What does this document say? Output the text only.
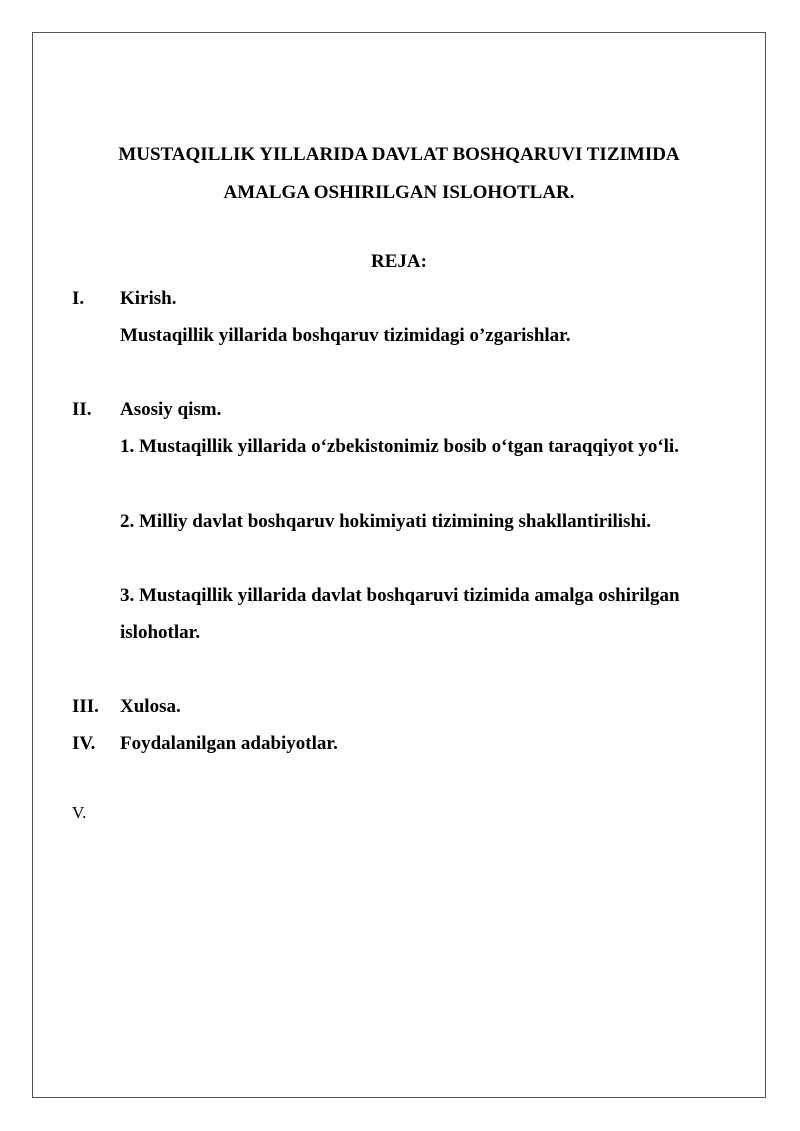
MUSTAQILLIK YILLARIDA DAVLAT BOSHQARUVI TIZIMIDA

AMALGA OSHIRILGAN ISLOHOTLAR.

REJA:

I. Kirish.
Mustaqillik yillarida boshqaruv tizimidagi o’zgarishlar.
II. Asosiy qism.
1. Mustaqillik yillarida o‘zbekistonimiz bosib o‘tgan taraqqiyot yo‘li.
2. Milliy davlat boshqaruv hokimiyati tizimining shakllantirilishi.
3. Mustaqillik yillarida davlat boshqaruvi tizimida amalga oshirilgan
islohotlar.
III. Xulosa.
IV. Foydalanilgan adabiyotlar.
V.
